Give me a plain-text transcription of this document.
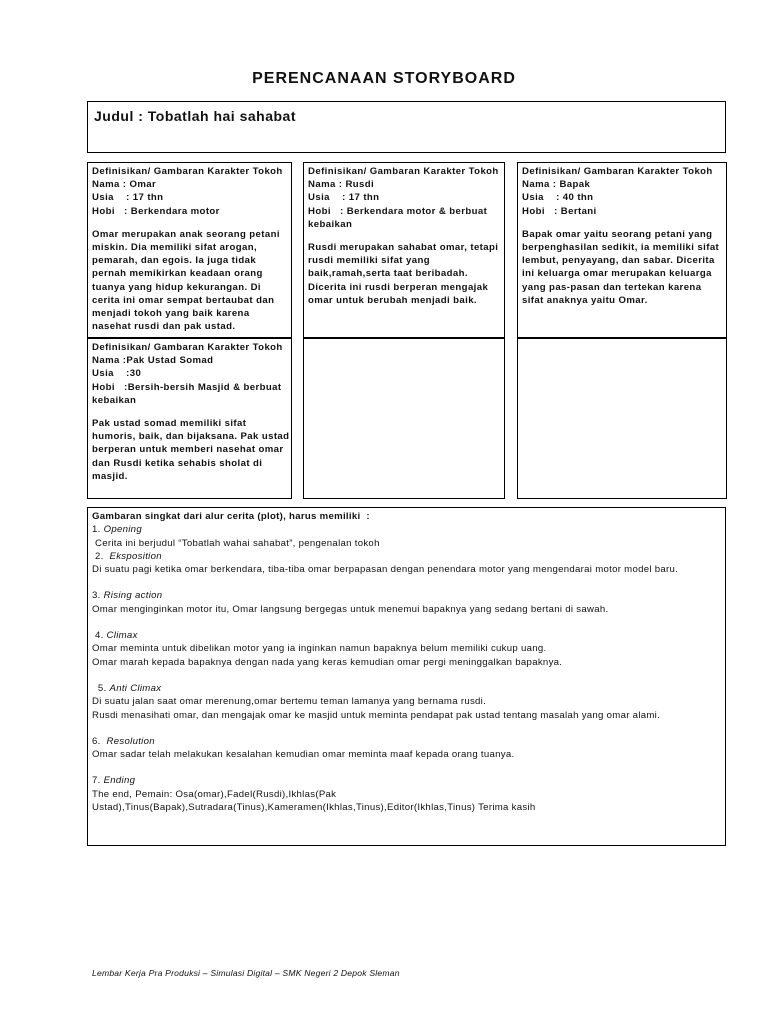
PERENCANAAN STORYBOARD
Judul : Tobatlah hai sahabat
Definisikan/ Gambaran Karakter Tokoh
Nama : Omar
Usia    : 17 thn
Hobi   : Berkendara motor
Omar merupakan anak seorang petani
miskin. Dia memiliki sifat arogan,
pemarah, dan egois. Ia juga tidak
pernah memikirkan keadaan orang
tuanya yang hidup kekurangan. Di
cerita ini omar sempat bertaubat dan
menjadi tokoh yang baik karena
nasehat rusdi dan pak ustad.
Definisikan/ Gambaran Karakter Tokoh
Nama : Rusdi
Usia    : 17 thn
Hobi   : Berkendara motor & berbuat
kebaikan
Rusdi merupakan sahabat omar, tetapi
rusdi memiliki sifat yang
baik,ramah,serta taat beribadah.
Dicerita ini rusdi berperan mengajak
omar untuk berubah menjadi baik.
Definisikan/ Gambaran Karakter Tokoh
Nama : Bapak
Usia    : 40 thn
Hobi   : Bertani
Bapak omar yaitu seorang petani yang
berpenghasilan sedikit, ia memiliki sifat
lembut, penyayang, dan sabar. Dicerita
ini keluarga omar merupakan keluarga
yang pas-pasan dan tertekan karena
sifat anaknya yaitu Omar.
Definisikan/ Gambaran Karakter Tokoh
Nama :Pak Ustad Somad
Usia    :30
Hobi   :Bersih-bersih Masjid & berbuat
kebaikan
Pak ustad somad memiliki sifat
humoris, baik, dan bijaksana. Pak ustad
berperan untuk memberi nasehat omar
dan Rusdi ketika sehabis sholat di
masjid.
Gambaran singkat dari alur cerita (plot), harus memiliki  :
1. Opening
Cerita ini berjudul “Tobatlah wahai sahabat”, pengenalan tokoh
2.  Eksposition
Di suatu pagi ketika omar berkendara, tiba-tiba omar berpapasan dengan penendara motor yang mengendarai motor model baru.
3. Rising action
Omar menginginkan motor itu, Omar langsung bergegas untuk menemui bapaknya yang sedang bertani di sawah.
4. Climax
Omar meminta untuk dibelikan motor yang ia inginkan namun bapaknya belum memiliki cukup uang.
Omar marah kepada bapaknya dengan nada yang keras kemudian omar pergi meninggalkan bapaknya.
5. Anti Climax
Di suatu jalan saat omar merenung,omar bertemu teman lamanya yang bernama rusdi.
Rusdi menasihati omar, dan mengajak omar ke masjid untuk meminta pendapat pak ustad tentang masalah yang omar alami.
6.  Resolution
Omar sadar telah melakukan kesalahan kemudian omar meminta maaf kepada orang tuanya.
7. Ending
The end, Pemain: Osa(omar),Fadel(Rusdi),Ikhlas(Pak
Ustad),Tinus(Bapak),Sutradara(Tinus),Kameramen(Ikhlas,Tinus),Editor(Ikhlas,Tinus) Terima kasih
Lembar Kerja Pra Produksi – Simulasi Digital – SMK Negeri 2 Depok Sleman
